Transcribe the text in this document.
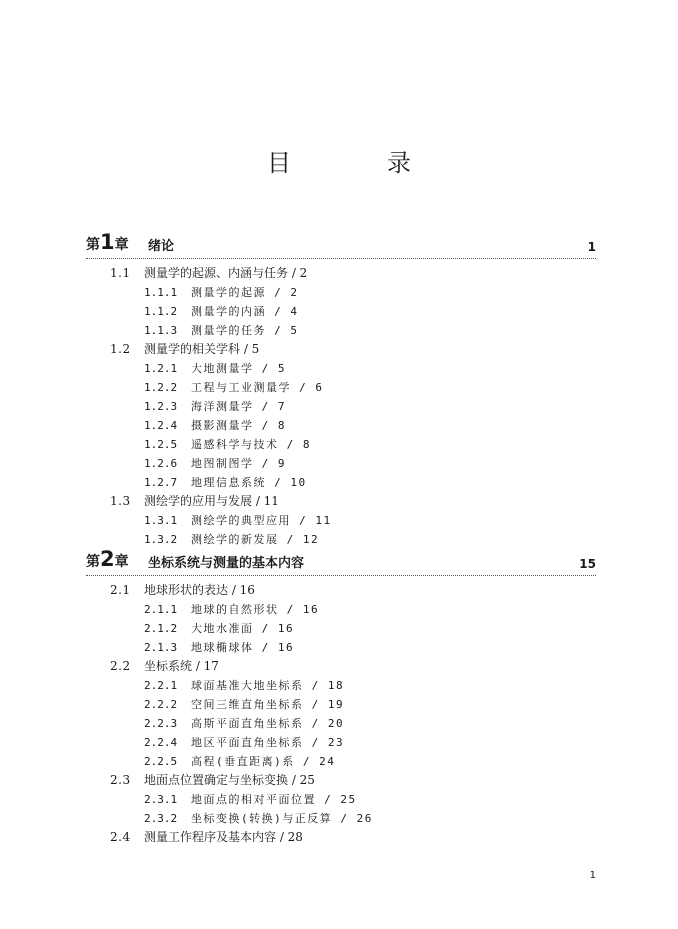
目　录
第1章 绪论	1
1.1 测量学的起源、内涵与任务 / 2
1.1.1 测量学的起源 / 2
1.1.2 测量学的内涵 / 4
1.1.3 测量学的任务 / 5
1.2 测量学的相关学科 / 5
1.2.1 大地测量学 / 5
1.2.2 工程与工业测量学 / 6
1.2.3 海洋测量学 / 7
1.2.4 摄影测量学 / 8
1.2.5 遥感科学与技术 / 8
1.2.6 地图制图学 / 9
1.2.7 地理信息系统 / 10
1.3 测绘学的应用与发展 / 11
1.3.1 测绘学的典型应用 / 11
1.3.2 测绘学的新发展 / 12
第2章 坐标系统与测量的基本内容	15
2.1 地球形状的表达 / 16
2.1.1 地球的自然形状 / 16
2.1.2 大地水准面 / 16
2.1.3 地球椭球体 / 16
2.2 坐标系统 / 17
2.2.1 球面基准大地坐标系 / 18
2.2.2 空间三维直角坐标系 / 19
2.2.3 高斯平面直角坐标系 / 20
2.2.4 地区平面直角坐标系 / 23
2.2.5 高程(垂直距离)系 / 24
2.3 地面点位置确定与坐标变换 / 25
2.3.1 地面点的相对平面位置 / 25
2.3.2 坐标变换(转换)与正反算 / 26
2.4 测量工作程序及基本内容 / 28
1
